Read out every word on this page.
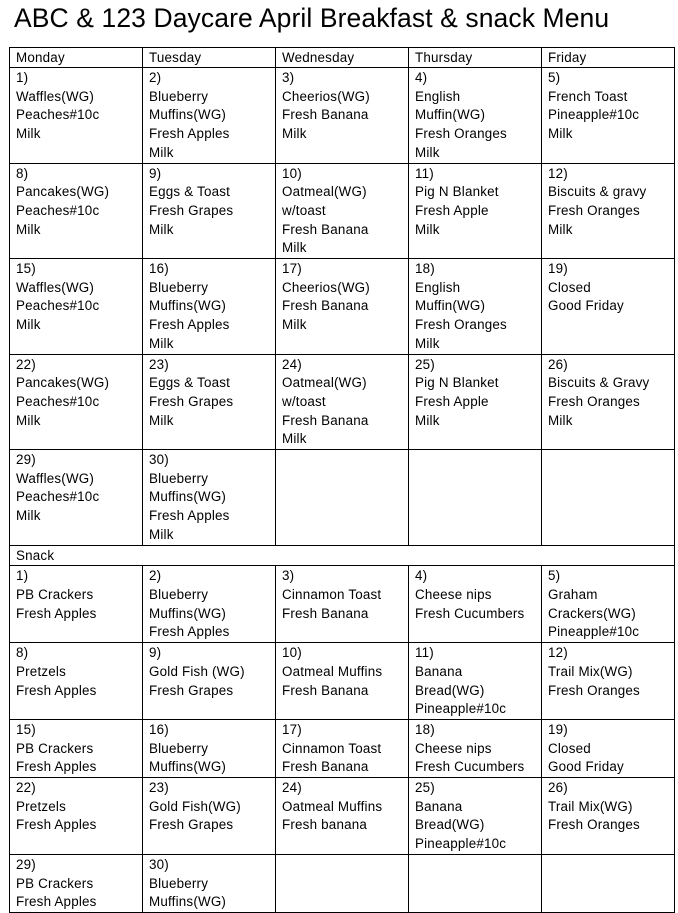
ABC & 123 Daycare April Breakfast & snack Menu
Monday	Tuesday	Wednesday	Thursday	Friday

1)
Waffles(WG)
Peaches#10c
Milk	2)
Blueberry
Muffins(WG)
Fresh Apples
Milk	3)
Cheerios(WG)
Fresh Banana
Milk	4)
English
Muffin(WG)
Fresh Oranges
Milk	5)
French Toast
Pineapple#10c
Milk

8)
Pancakes(WG)
Peaches#10c
Milk	9)
Eggs & Toast
Fresh Grapes
Milk	10)
Oatmeal(WG)
w/toast
Fresh Banana
Milk	11)
Pig N Blanket
Fresh Apple
Milk	12)
Biscuits & gravy
Fresh Oranges
Milk

15)
Waffles(WG)
Peaches#10c
Milk	16)
Blueberry
Muffins(WG)
Fresh Apples
Milk	17)
Cheerios(WG)
Fresh Banana
Milk	18)
English
Muffin(WG)
Fresh Oranges
Milk	19)
Closed
Good Friday

22)
Pancakes(WG)
Peaches#10c
Milk	23)
Eggs & Toast
Fresh Grapes
Milk	24)
Oatmeal(WG)
w/toast
Fresh Banana
Milk	25)
Pig N Blanket
Fresh Apple
Milk	26)
Biscuits & Gravy
Fresh Oranges
Milk

29)
Waffles(WG)
Peaches#10c
Milk	30)
Blueberry
Muffins(WG)
Fresh Apples
Milk			

Snack				

1)
PB Crackers
Fresh Apples	2)
Blueberry
Muffins(WG)
Fresh Apples	3)
Cinnamon Toast
Fresh Banana	4)
Cheese nips
Fresh Cucumbers	5)
Graham
Crackers(WG)
Pineapple#10c

8)
Pretzels
Fresh Apples	9)
Gold Fish (WG)
Fresh Grapes	10)
Oatmeal Muffins
Fresh Banana	11)
Banana
Bread(WG)
Pineapple#10c	12)
Trail Mix(WG)
Fresh Oranges

15)
PB Crackers
Fresh Apples	16)
Blueberry
Muffins(WG)	17)
Cinnamon Toast
Fresh Banana	18)
Cheese nips
Fresh Cucumbers	19)
Closed
Good Friday

22)
Pretzels
Fresh Apples	23)
Gold Fish(WG)
Fresh Grapes	24)
Oatmeal Muffins
Fresh banana	25)
Banana
Bread(WG)
Pineapple#10c	26)
Trail Mix(WG)
Fresh Oranges

29)
PB Crackers
Fresh Apples	30)
Blueberry
Muffins(WG)			
